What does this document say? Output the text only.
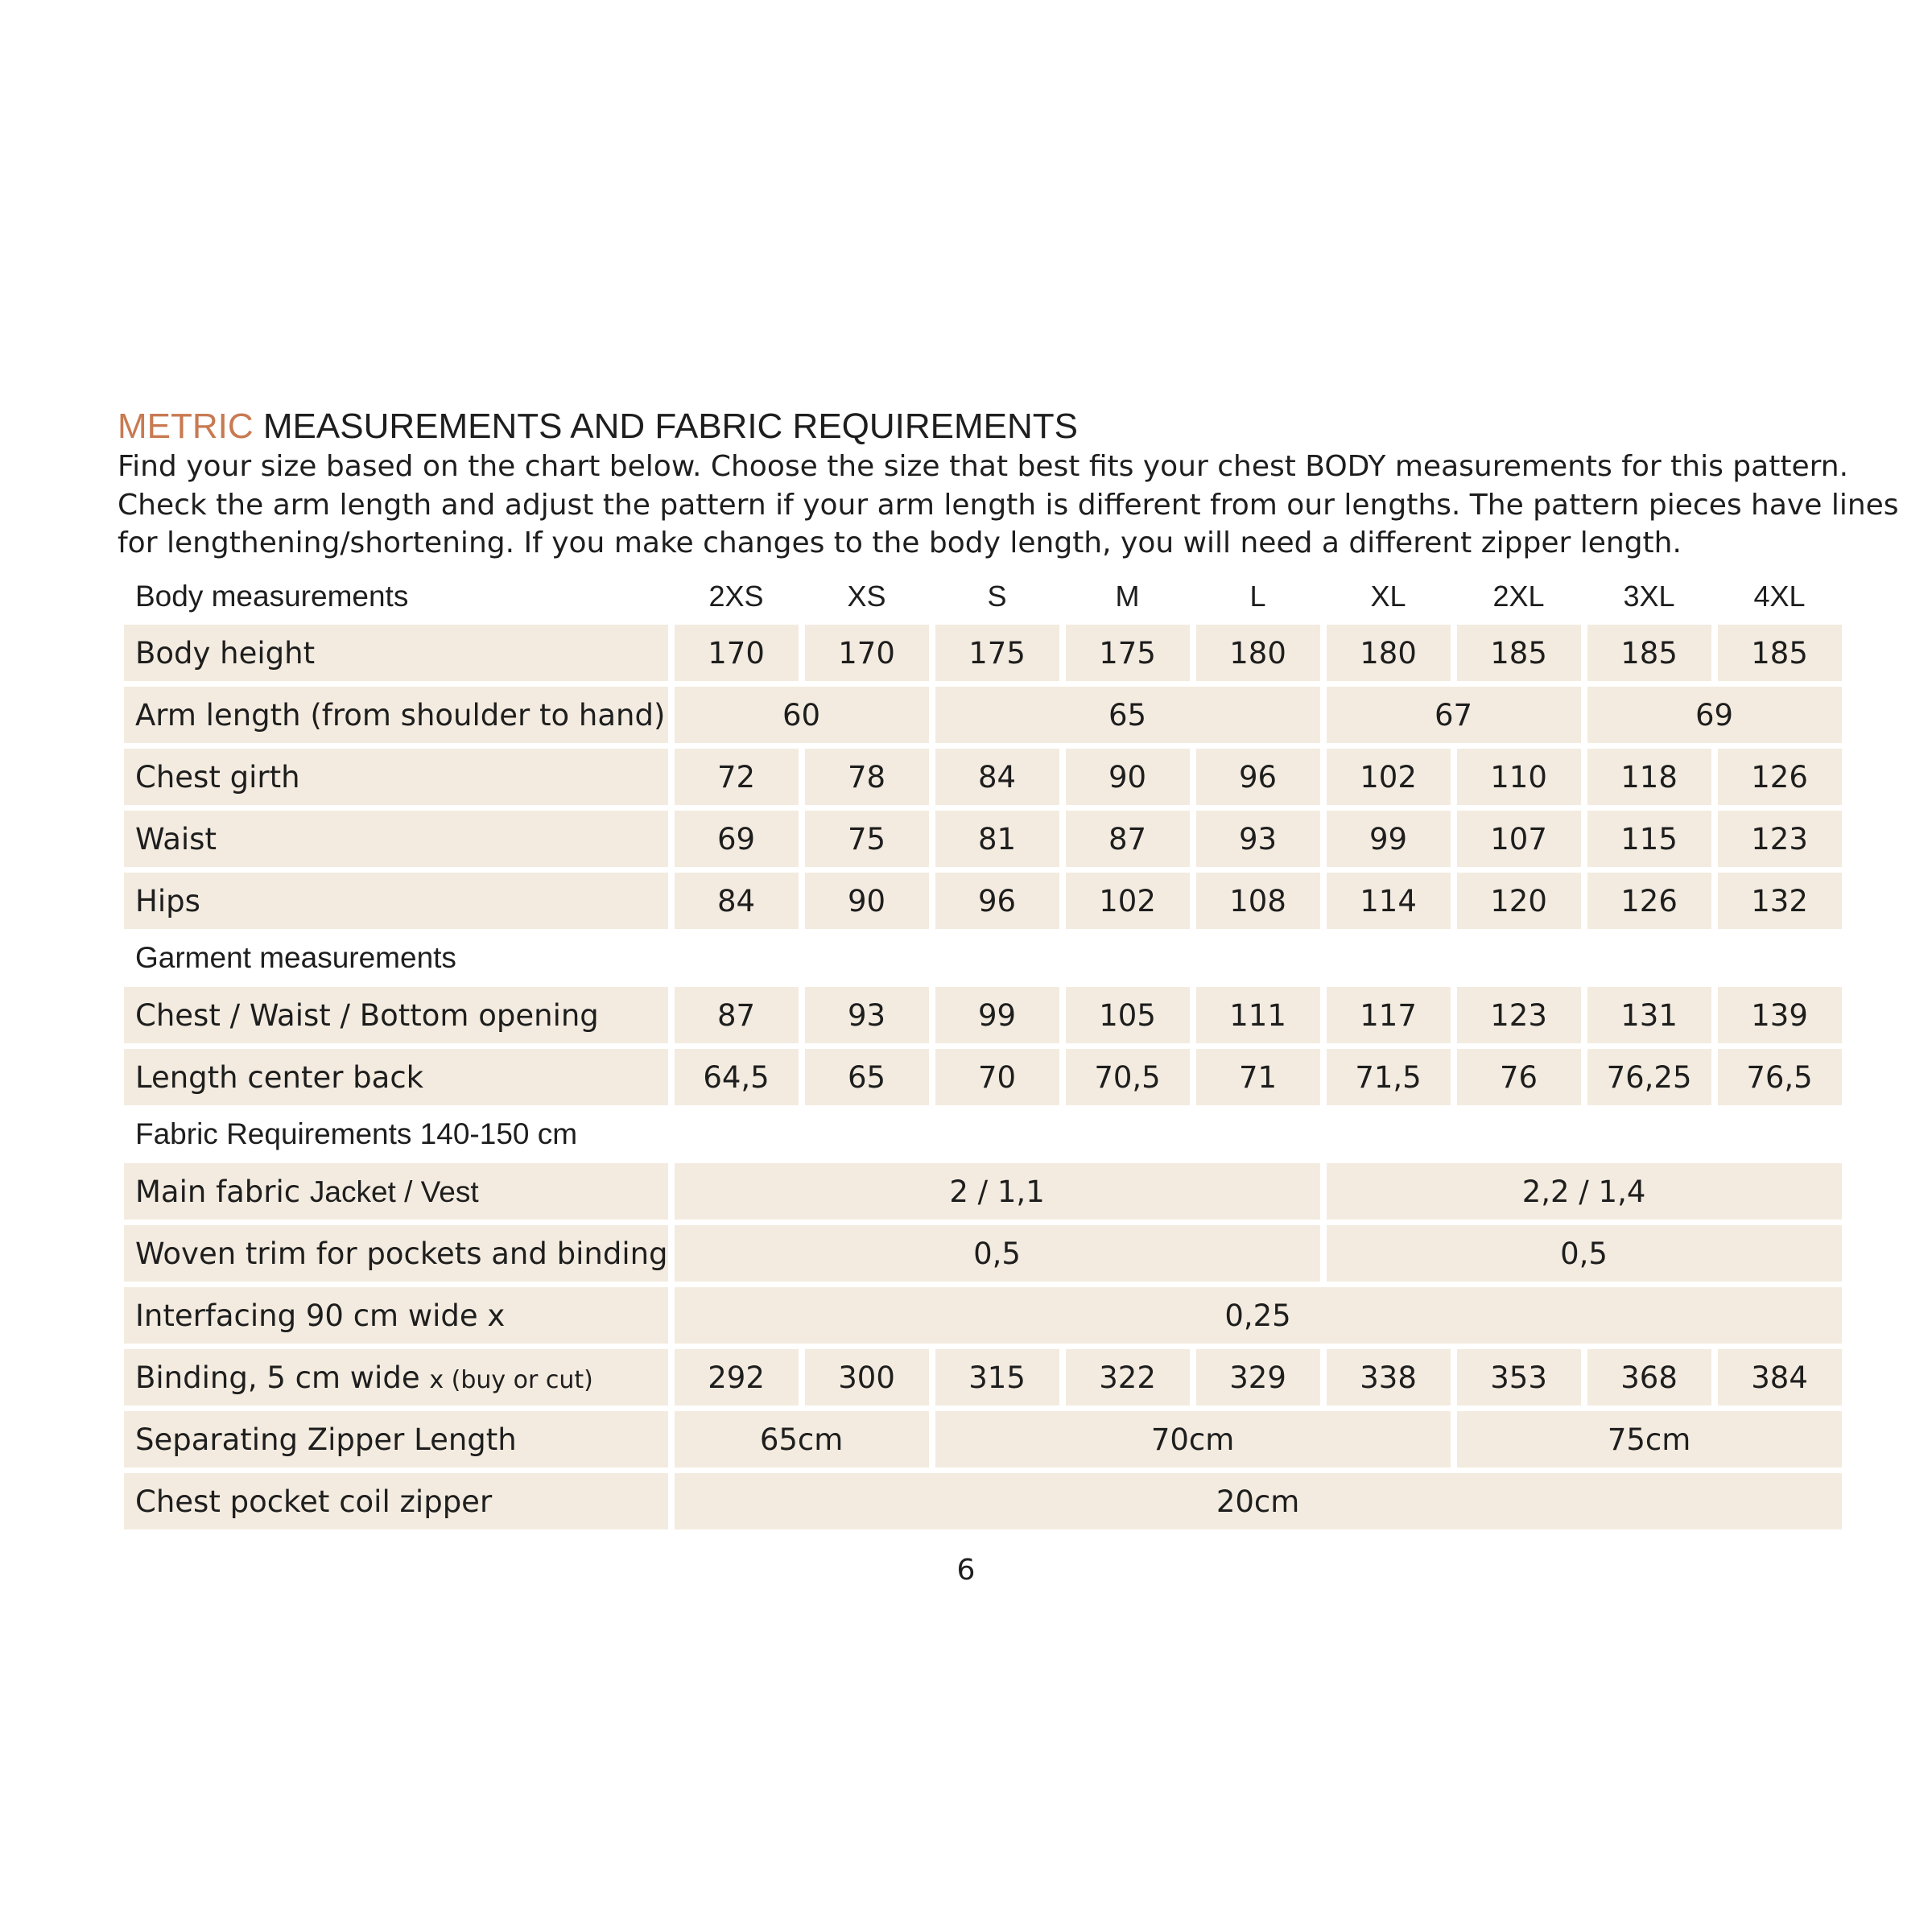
METRIC MEASUREMENTS AND FABRIC REQUIREMENTS

Find your size based on the chart below. Choose the size that best fits your chest BODY measurements for this pattern.

Check the arm length and adjust the pattern if your arm length is different from our lengths. The pattern pieces have lines

for lengthening/shortening. If you make changes to the body length, you will need a different zipper length.

Body measurements	2XS	XS	S	M	L	XL	2XL	3XL	4XL
Body height	170	170	175	175	180	180	185	185	185
Arm length (from shoulder to hand)	60		65			67		69	
Chest girth	72	78	84	90	96	102	110	118	126
Waist	69	75	81	87	93	99	107	115	123
Hips	84	90	96	102	108	114	120	126	132
Garment measurements									
Chest / Waist / Bottom opening	87	93	99	105	111	117	123	131	139
Length center back	64,5	65	70	70,5	71	71,5	76	76,25	76,5
Fabric Requirements 140-150 cm									
Main fabric Jacket / Vest	2 / 1,1					2,2 / 1,4			
Woven trim for pockets and binding	0,5					0,5			
Interfacing 90 cm wide x	0,25								
Binding, 5 cm wide x (buy or cut)	292	300	315	322	329	338	353	368	384
Separating Zipper Length	65cm		70cm				75cm		
Chest pocket coil zipper	20cm								
6
